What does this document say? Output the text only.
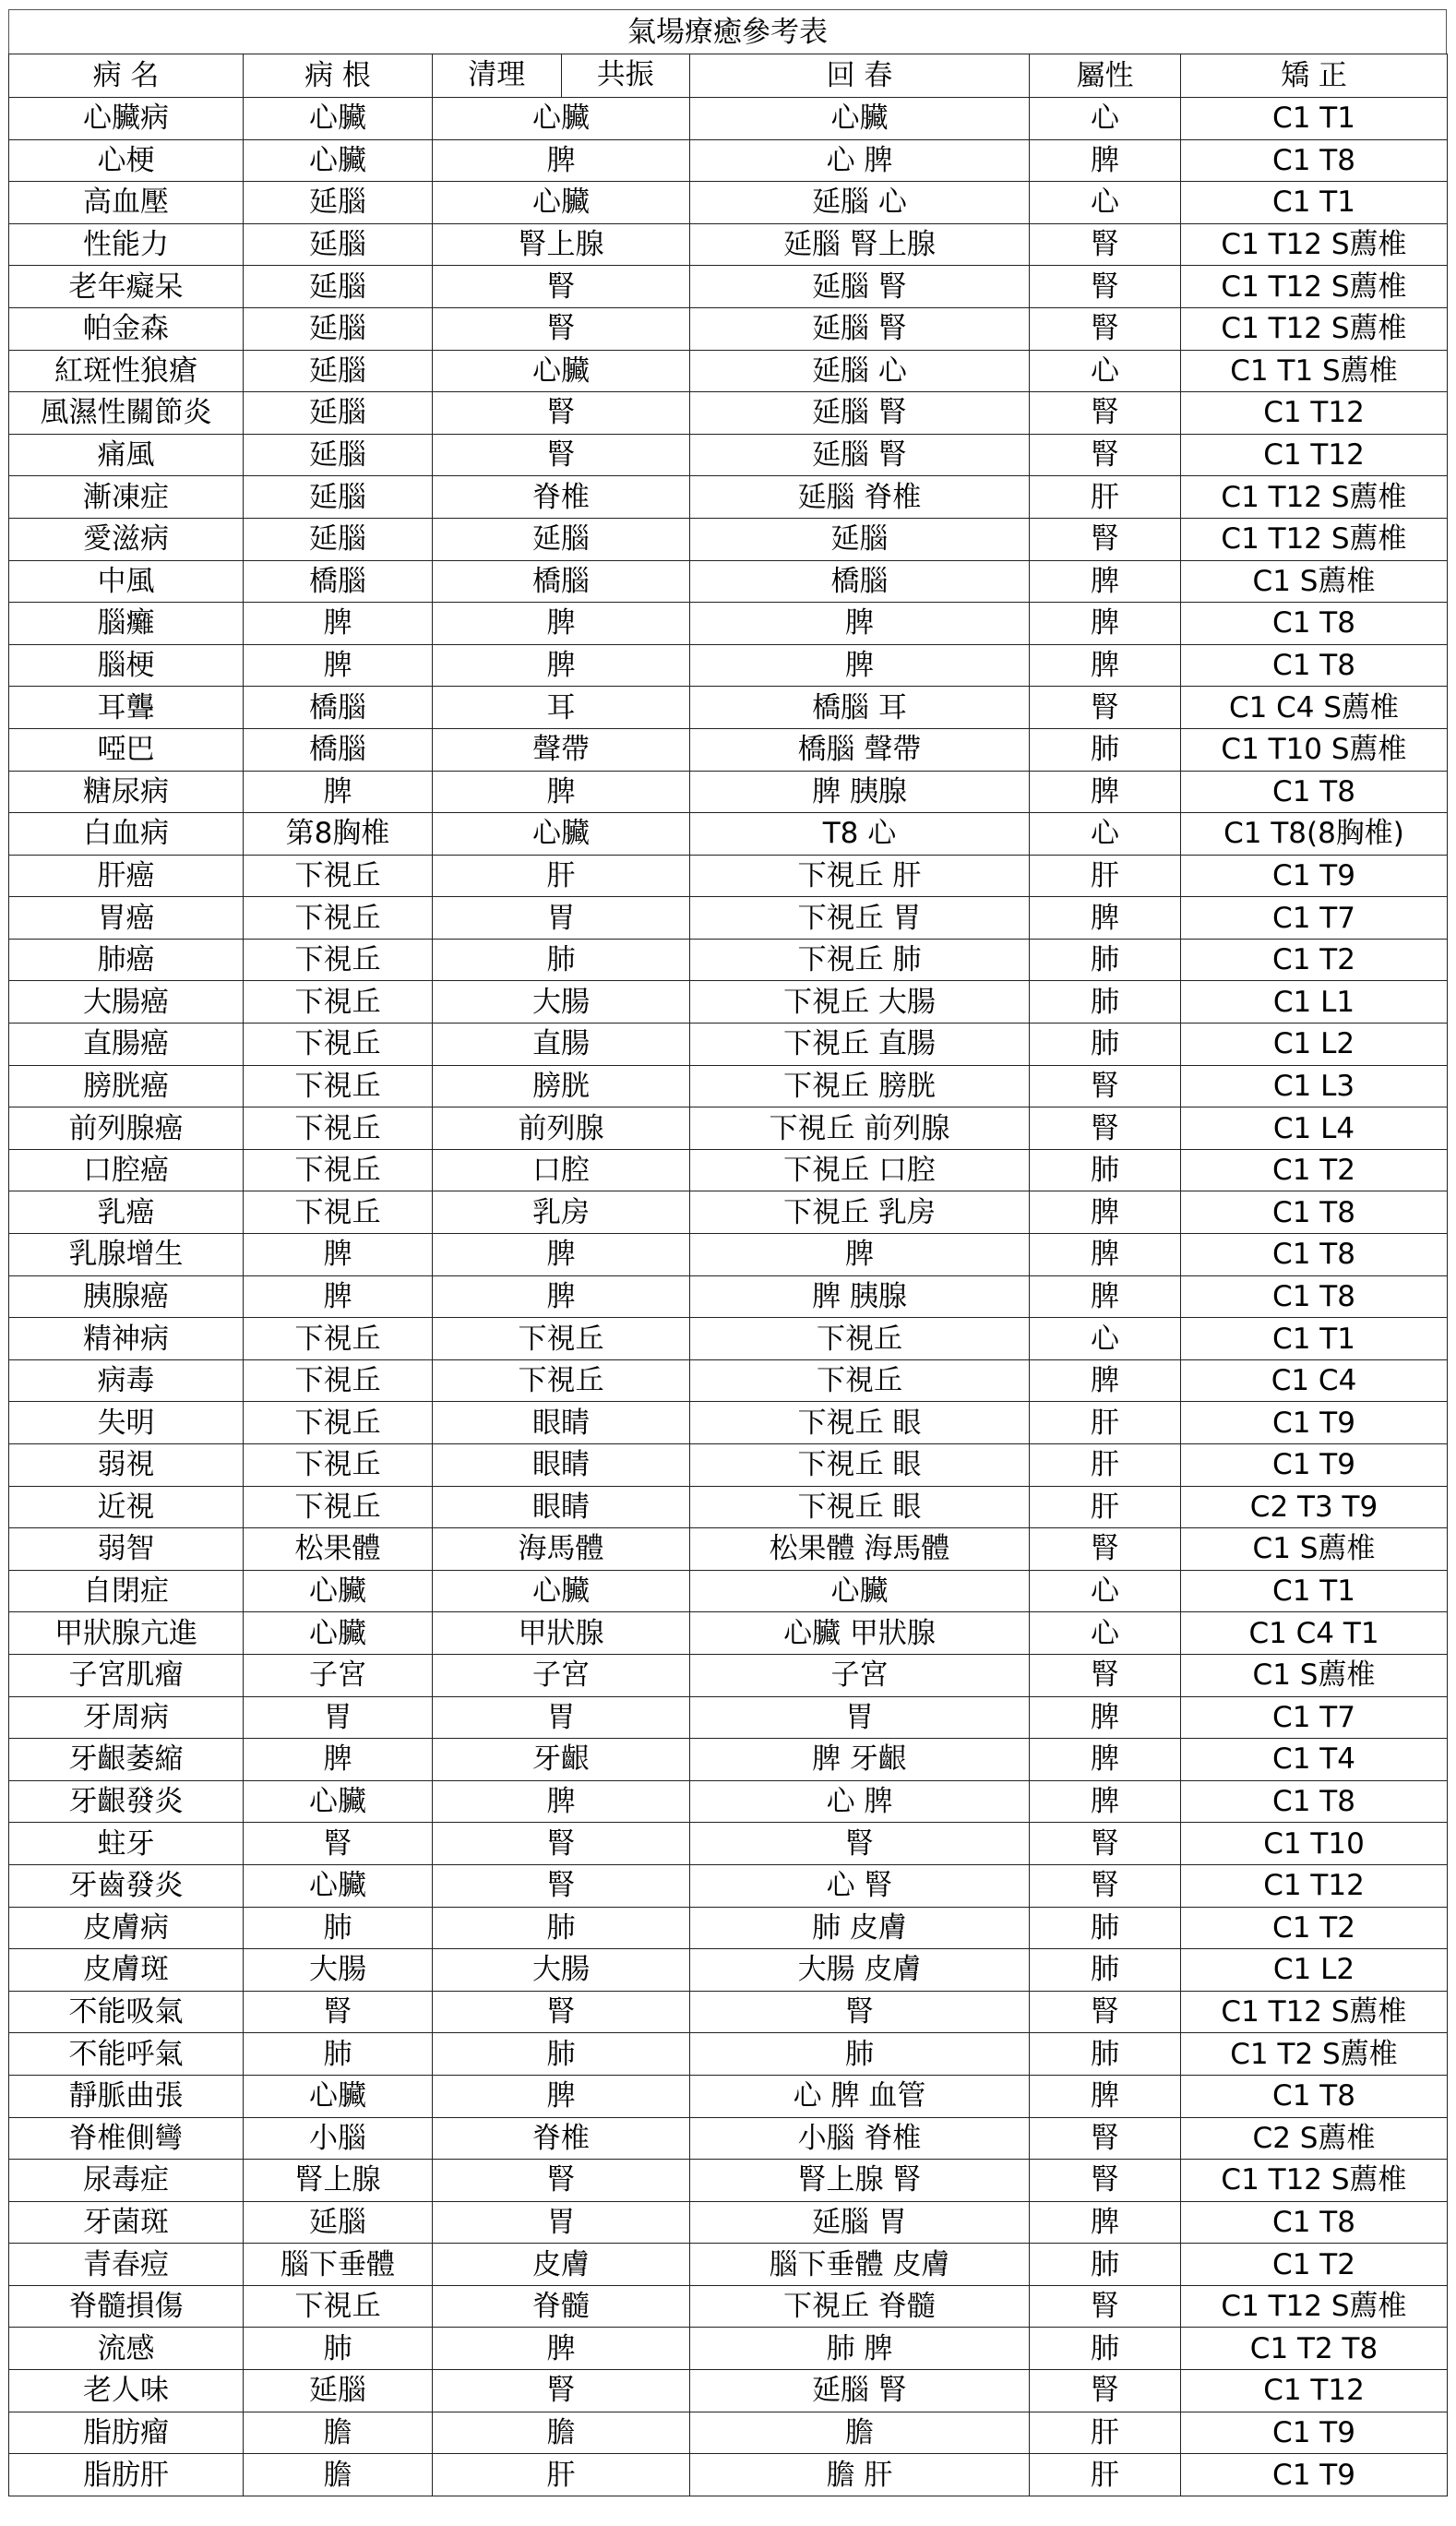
氣場療癒參考表
病 名	病 根	清理 共振	回 春	屬性	矯 正
心臟病	心臟	心臟	心臟	心	C1 T1
心梗	心臟	脾	心 脾	脾	C1 T8
高血壓	延腦	心臟	延腦 心	心	C1 T1
性能力	延腦	腎上腺	延腦 腎上腺	腎	C1 T12 S薦椎
老年癡呆	延腦	腎	延腦 腎	腎	C1 T12 S薦椎
帕金森	延腦	腎	延腦 腎	腎	C1 T12 S薦椎
紅斑性狼瘡	延腦	心臟	延腦 心	心	C1 T1 S薦椎
風濕性關節炎	延腦	腎	延腦 腎	腎	C1 T12
痛風	延腦	腎	延腦 腎	腎	C1 T12
漸凍症	延腦	脊椎	延腦 脊椎	肝	C1 T12 S薦椎
愛滋病	延腦	延腦	延腦	腎	C1 T12 S薦椎
中風	橋腦	橋腦	橋腦	脾	C1 S薦椎
腦癱	脾	脾	脾	脾	C1 T8
腦梗	脾	脾	脾	脾	C1 T8
耳聾	橋腦	耳	橋腦 耳	腎	C1 C4 S薦椎
啞巴	橋腦	聲帶	橋腦 聲帶	肺	C1 T10 S薦椎
糖尿病	脾	脾	脾 胰腺	脾	C1 T8
白血病	第8胸椎	心臟	T8 心	心	C1 T8(8胸椎)
肝癌	下視丘	肝	下視丘 肝	肝	C1 T9
胃癌	下視丘	胃	下視丘 胃	脾	C1 T7
肺癌	下視丘	肺	下視丘 肺	肺	C1 T2
大腸癌	下視丘	大腸	下視丘 大腸	肺	C1 L1
直腸癌	下視丘	直腸	下視丘 直腸	肺	C1 L2
膀胱癌	下視丘	膀胱	下視丘 膀胱	腎	C1 L3
前列腺癌	下視丘	前列腺	下視丘 前列腺	腎	C1 L4
口腔癌	下視丘	口腔	下視丘 口腔	肺	C1 T2
乳癌	下視丘	乳房	下視丘 乳房	脾	C1 T8
乳腺增生	脾	脾	脾	脾	C1 T8
胰腺癌	脾	脾	脾 胰腺	脾	C1 T8
精神病	下視丘	下視丘	下視丘	心	C1 T1
病毒	下視丘	下視丘	下視丘	脾	C1 C4
失明	下視丘	眼睛	下視丘 眼	肝	C1 T9
弱視	下視丘	眼睛	下視丘 眼	肝	C1 T9
近視	下視丘	眼睛	下視丘 眼	肝	C2 T3 T9
弱智	松果體	海馬體	松果體 海馬體	腎	C1 S薦椎
自閉症	心臟	心臟	心臟	心	C1 T1
甲狀腺亢進	心臟	甲狀腺	心臟 甲狀腺	心	C1 C4 T1
子宮肌瘤	子宮	子宮	子宮	腎	C1 S薦椎
牙周病	胃	胃	胃	脾	C1 T7
牙齦萎縮	脾	牙齦	脾 牙齦	脾	C1 T4
牙齦發炎	心臟	脾	心 脾	脾	C1 T8
蛀牙	腎	腎	腎	腎	C1 T10
牙齒發炎	心臟	腎	心 腎	腎	C1 T12
皮膚病	肺	肺	肺 皮膚	肺	C1 T2
皮膚斑	大腸	大腸	大腸 皮膚	肺	C1 L2
不能吸氣	腎	腎	腎	腎	C1 T12 S薦椎
不能呼氣	肺	肺	肺	肺	C1 T2 S薦椎
靜脈曲張	心臟	脾	心 脾 血管	脾	C1 T8
脊椎側彎	小腦	脊椎	小腦 脊椎	腎	C2 S薦椎
尿毒症	腎上腺	腎	腎上腺 腎	腎	C1 T12 S薦椎
牙菌斑	延腦	胃	延腦 胃	脾	C1 T8
青春痘	腦下垂體	皮膚	腦下垂體 皮膚	肺	C1 T2
脊髓損傷	下視丘	脊髓	下視丘 脊髓	腎	C1 T12 S薦椎
流感	肺	脾	肺 脾	肺	C1 T2 T8
老人味	延腦	腎	延腦 腎	腎	C1 T12
脂肪瘤	膽	膽	膽	肝	C1 T9
脂肪肝	膽	肝	膽 肝	肝	C1 T9
